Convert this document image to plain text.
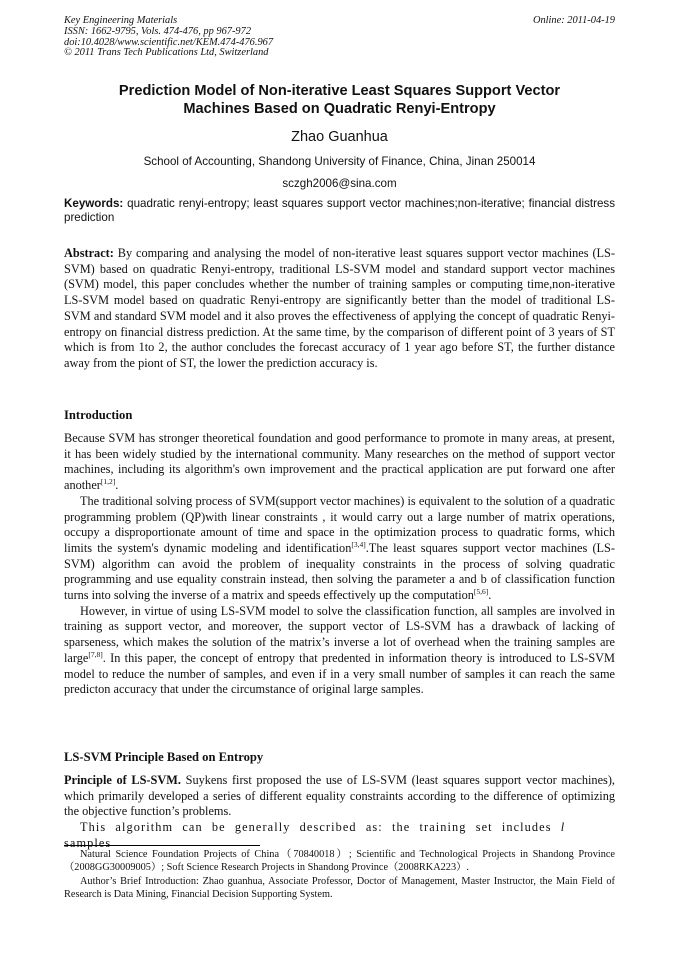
Key Engineering Materials
ISSN: 1662-9795, Vols. 474-476, pp 967-972
doi:10.4028/www.scientific.net/KEM.474-476.967
© 2011 Trans Tech Publications Ltd, Switzerland
Online: 2011-04-19
Prediction Model of Non-iterative Least Squares Support Vector
Machines Based on Quadratic Renyi-Entropy
Zhao Guanhua
School of Accounting, Shandong University of Finance, China, Jinan 250014
sczgh2006@sina.com
Keywords: quadratic renyi-entropy; least squares support vector machines;non-iterative; financial distress prediction

Abstract: By comparing and analysing the model of non-iterative least squares support vector machines (LS-SVM) based on quadratic Renyi-entropy, traditional LS-SVM model and standard support vector machines (SVM) model, this paper concludes whether the number of training samples or computing time,non-iterative LS-SVM model based on quadratic Renyi-entropy are significantly better than the model of traditional LS-SVM and standard SVM model and it also proves the effectiveness of applying the concept of quadratic Renyi-entropy on financial distress prediction. At the same time, by the comparison of different point of 3 years of ST which is from 1to 2, the author concludes the forecast accuracy of 1 year ago before ST, the further distance away from the piont of ST, the lower the prediction accuracy is.

Introduction

Because SVM has stronger theoretical foundation and good performance to promote in many areas, at present, it has been widely studied by the international community. Many researches on the method of support vector machines, including its algorithm's own improvement and the practical application are put forward one after another[1,2].

The traditional solving process of SVM(support vector machines) is equivalent to the solution of a quadratic programming problem (QP)with linear constraints , it would carry out a large number of matrix operations, occupy a disproportionate amount of time and space in the optimization process to quadratic forms, which limits the system's dynamic modeling and identification[3,4].The least squares support vector machines (LS-SVM) algorithm can avoid the problem of inequality constraints in the process of solving quadratic programming and use equality constrain instead, then solving the parameter a and b of classification function turns into solving the inverse of a matrix and speeds effectively up the computation[5,6].

However, in virtue of using LS-SVM model to solve the classification function, all samples are involved in training as support vector, and moreover, the support vector of LS-SVM has a drawback of lacking of sparseness, which makes the solution of the matrix’s inverse a lot of overhead when the training samples are large[7,8]. In this paper, the concept of entropy that predented in information theory is introduced to LS-SVM model to reduce the number of samples, and even if in a very small number of samples it can reach the same predicton accuracy that under the circumstance of original large samples.

LS-SVM Principle Based on Entropy

Principle of LS-SVM. Suykens first proposed the use of LS-SVM (least squares support vector machines), which primarily developed a series of different equality constraints according to the difference of optimizing the objective function’s problems.

This algorithm can be generally described as: the training set includes l samples

Natural Science Foundation Projects of China（70840018）; Scientific and Technological Projects in Shandong Province（2008GG30009005）; Soft Science Research Projects in Shandong Province（2008RKA223）.

Author’s Brief Introduction: Zhao guanhua, Associate Professor, Doctor of Management, Master Instructor, the Main Field of Research is Data Mining, Financial Decision Supporting System.
